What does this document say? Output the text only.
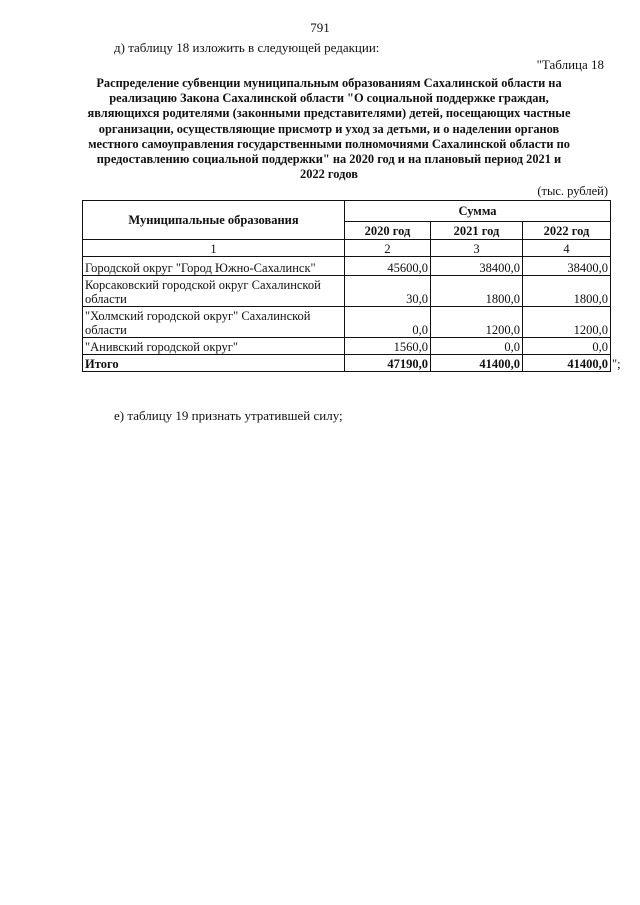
791
д) таблицу 18 изложить в следующей редакции:
"Таблица 18
Распределение субвенции муниципальным образованиям Сахалинской области на реализацию Закона Сахалинской области "О социальной поддержке граждан, являющихся родителями (законными представителями) детей, посещающих частные организации, осуществляющие присмотр и уход за детьми, и о наделении органов местного самоуправления государственными полномочиями Сахалинской области по предоставлению социальной поддержки" на 2020 год и на плановый период 2021 и 2022 годов
(тыс. рублей)
Муниципальные образования	Сумма		
	2020 год	2021 год	2022 год
1	2	3	4
Городской округ "Город Южно-Сахалинск"	45600,0	38400,0	38400,0
Корсаковский городской округ Сахалинской области	30,0	1800,0	1800,0
"Холмский городской округ" Сахалинской области	0,0	1200,0	1200,0
"Анивский городской округ"	1560,0	0,0	0,0
Итого	47190,0	41400,0	41400,0 ";
е) таблицу 19 признать утратившей силу;
